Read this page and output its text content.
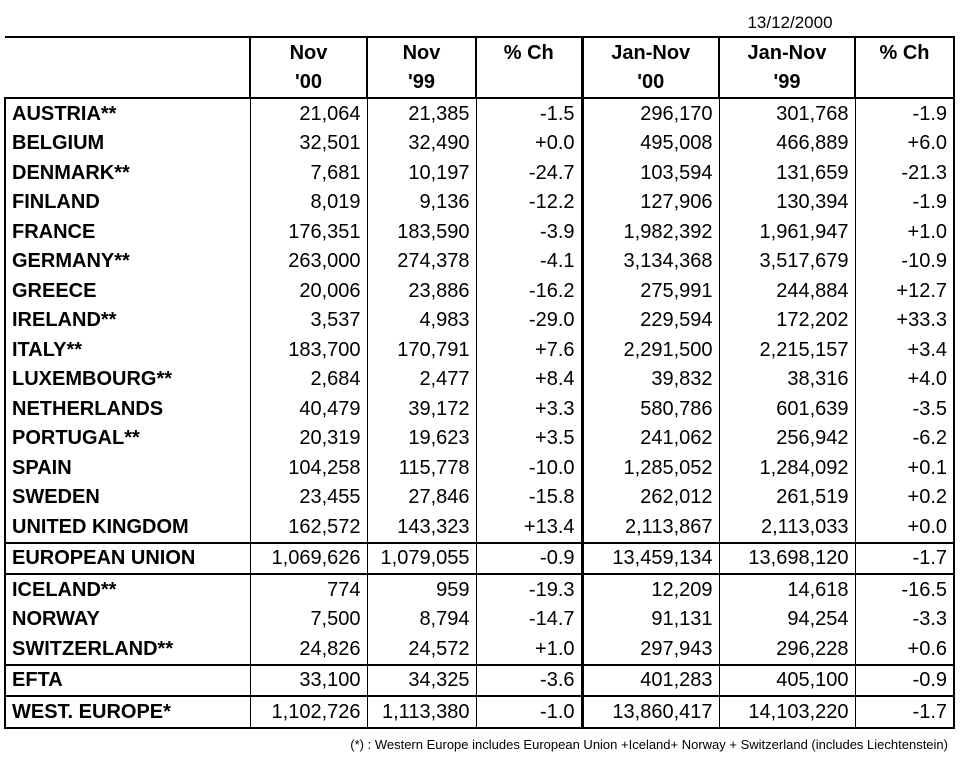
13/12/2000
	Nov	Nov	% Ch	Jan-Nov	Jan-Nov	% Ch
	'00	'99		'00	'99	
AUSTRIA**	21,064	21,385	-1.5	296,170	301,768	-1.9
BELGIUM	32,501	32,490	+0.0	495,008	466,889	+6.0
DENMARK**	7,681	10,197	-24.7	103,594	131,659	-21.3
FINLAND	8,019	9,136	-12.2	127,906	130,394	-1.9
FRANCE	176,351	183,590	-3.9	1,982,392	1,961,947	+1.0
GERMANY**	263,000	274,378	-4.1	3,134,368	3,517,679	-10.9
GREECE	20,006	23,886	-16.2	275,991	244,884	+12.7
IRELAND**	3,537	4,983	-29.0	229,594	172,202	+33.3
ITALY**	183,700	170,791	+7.6	2,291,500	2,215,157	+3.4
LUXEMBOURG**	2,684	2,477	+8.4	39,832	38,316	+4.0
NETHERLANDS	40,479	39,172	+3.3	580,786	601,639	-3.5
PORTUGAL**	20,319	19,623	+3.5	241,062	256,942	-6.2
SPAIN	104,258	115,778	-10.0	1,285,052	1,284,092	+0.1
SWEDEN	23,455	27,846	-15.8	262,012	261,519	+0.2
UNITED KINGDOM	162,572	143,323	+13.4	2,113,867	2,113,033	+0.0
EUROPEAN UNION	1,069,626	1,079,055	-0.9	13,459,134	13,698,120	-1.7
ICELAND**	774	959	-19.3	12,209	14,618	-16.5
NORWAY	7,500	8,794	-14.7	91,131	94,254	-3.3
SWITZERLAND**	24,826	24,572	+1.0	297,943	296,228	+0.6
EFTA	33,100	34,325	-3.6	401,283	405,100	-0.9
WEST. EUROPE*	1,102,726	1,113,380	-1.0	13,860,417	14,103,220	-1.7
(*) : Western Europe includes European Union +Iceland+ Norway + Switzerland (includes Liechtenstein)
